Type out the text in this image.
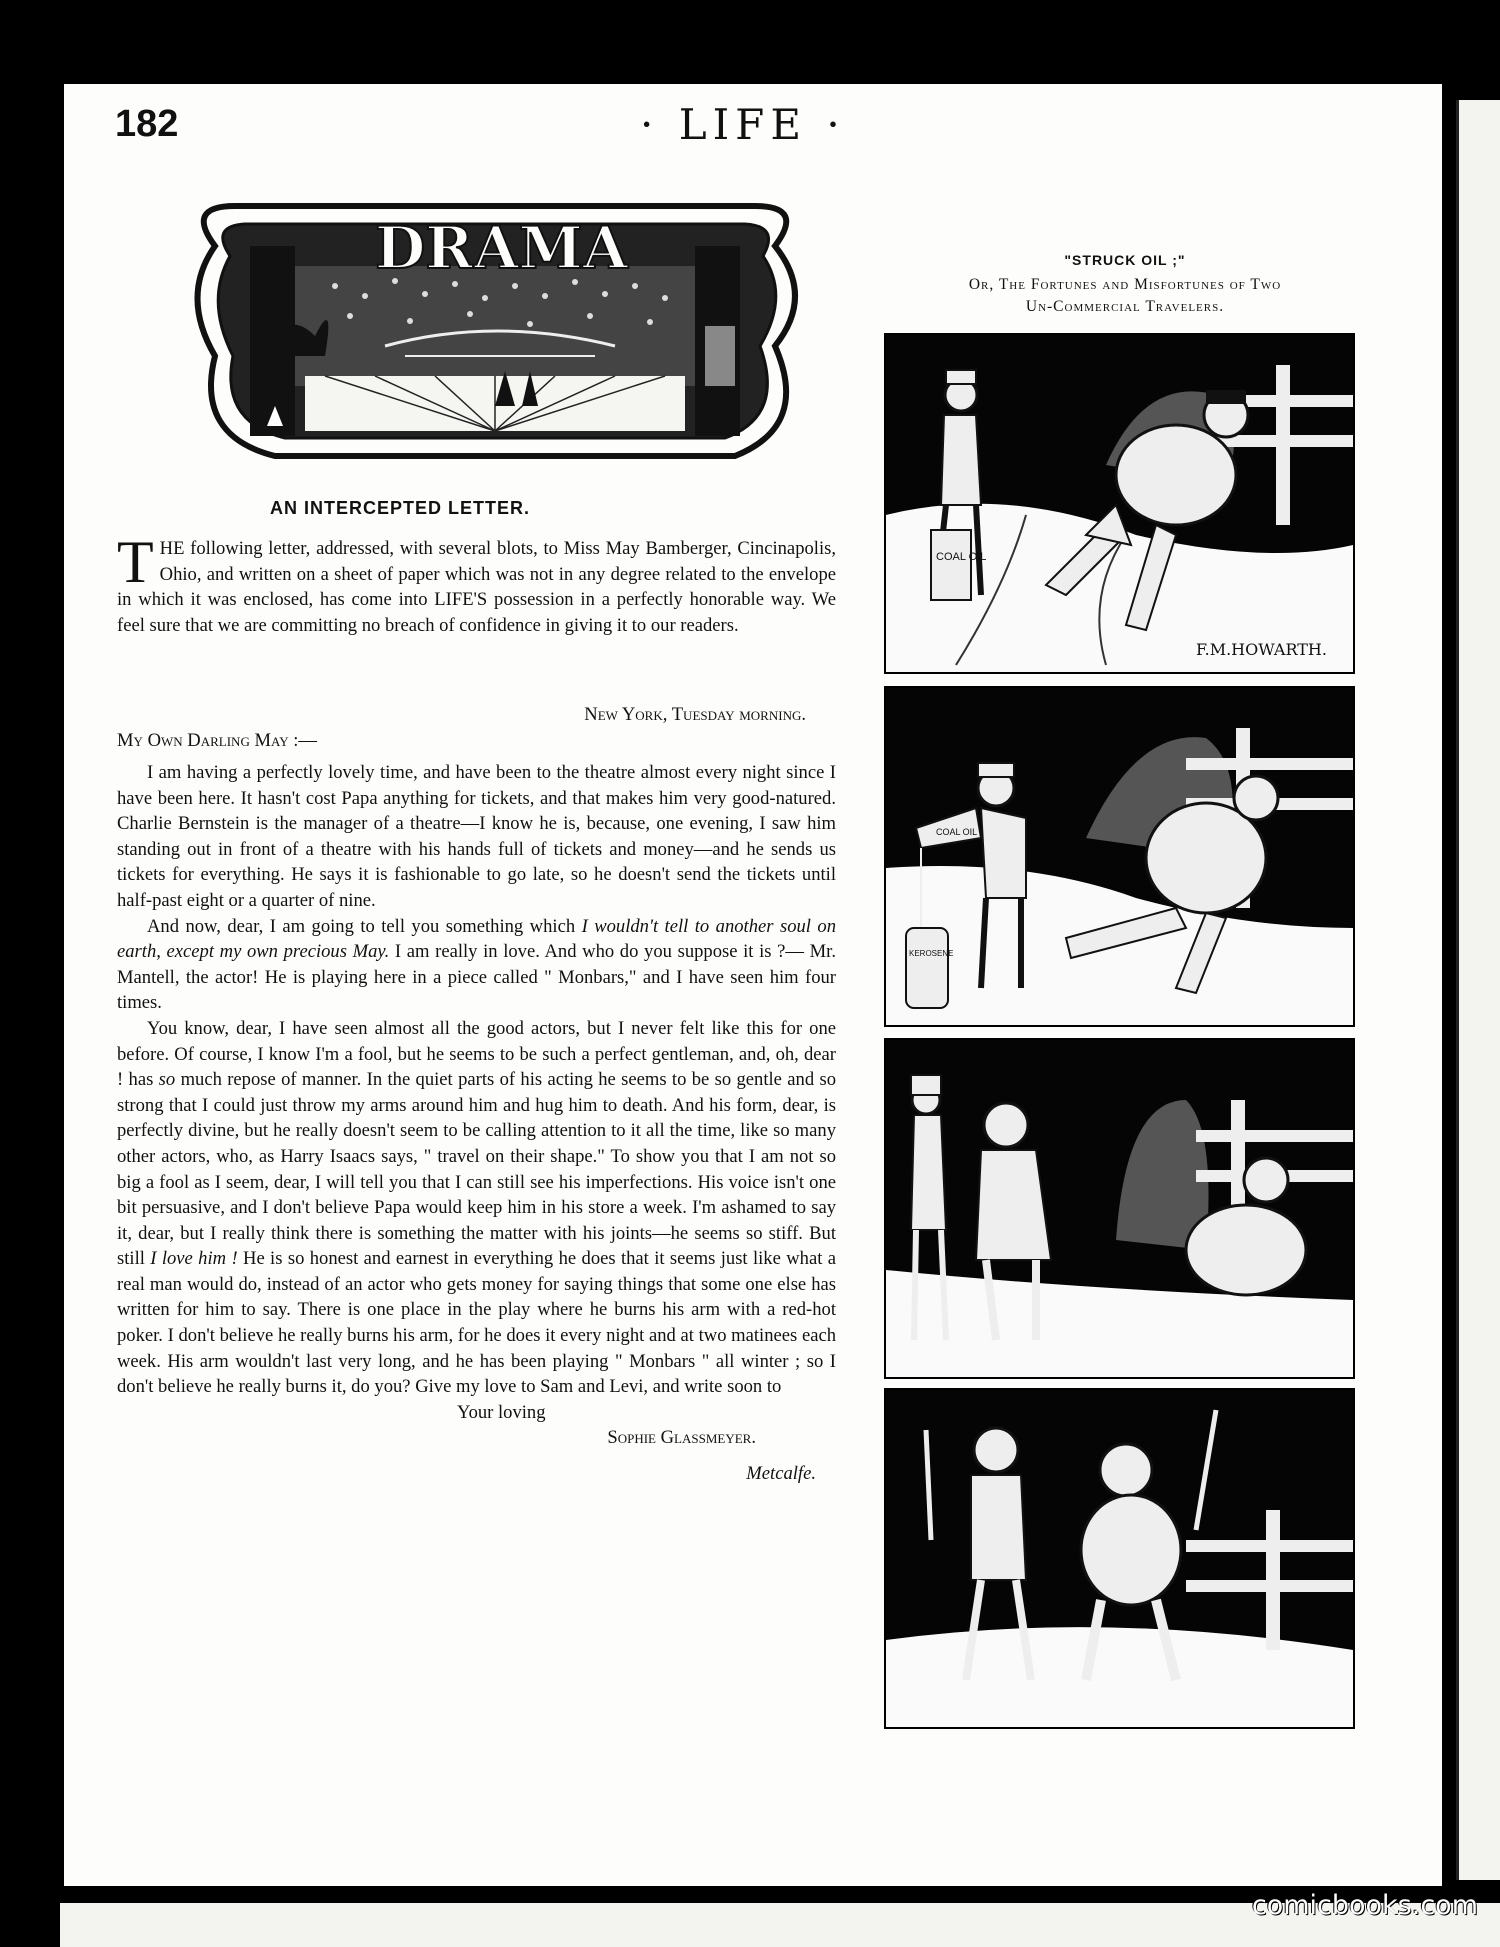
182	· LIFE ·
DRAMA
AN INTERCEPTED LETTER.

THE following letter, addressed, with several blots, to Miss May Bamberger, Cincinapolis, Ohio, and written on a sheet of paper which was not in any degree related to the envelope in which it was enclosed, has come into LIFE'S possession in a perfectly honorable way. We feel sure that we are committing no breach of confidence in giving it to our readers.

New York, Tuesday morning.

My Own Darling May :—

I am having a perfectly lovely time, and have been to the theatre almost every night since I have been here. It hasn't cost Papa anything for tickets, and that makes him very good-natured. Charlie Bernstein is the manager of a theatre—I know he is, because, one evening, I saw him standing out in front of a theatre with his hands full of tickets and money—and he sends us tickets for everything. He says it is fashionable to go late, so he doesn't send the tickets until half-past eight or a quarter of nine.

And now, dear, I am going to tell you something which I wouldn't tell to another soul on earth, except my own precious May. I am really in love. And who do you suppose it is ?— Mr. Mantell, the actor! He is playing here in a piece called " Monbars," and I have seen him four times.

You know, dear, I have seen almost all the good actors, but I never felt like this for one before. Of course, I know I'm a fool, but he seems to be such a perfect gentleman, and, oh, dear ! has so much repose of manner. In the quiet parts of his acting he seems to be so gentle and so strong that I could just throw my arms around him and hug him to death. And his form, dear, is perfectly divine, but he really doesn't seem to be calling attention to it all the time, like so many other actors, who, as Harry Isaacs says, " travel on their shape." To show you that I am not so big a fool as I seem, dear, I will tell you that I can still see his imperfections. His voice isn't one bit persuasive, and I don't believe Papa would keep him in his store a week. I'm ashamed to say it, dear, but I really think there is something the matter with his joints—he seems so stiff. But still I love him ! He is so honest and earnest in everything he does that it seems just like what a real man would do, instead of an actor who gets money for saying things that some one else has written for him to say. There is one place in the play where he burns his arm with a red-hot poker. I don't believe he really burns his arm, for he does it every night and at two matinees each week. His arm wouldn't last very long, and he has been playing " Monbars " all winter ; so I don't believe he really burns it, do you? Give my love to Sam and Levi, and write soon to

Your loving

Sophie Glassmeyer.

Metcalfe.

"STRUCK OIL ;"
Or, The Fortunes and Misfortunes of Two
Un-Commercial Travelers.
COAL OIL
F.M.HOWARTH.
KEROSENE
COAL OIL
comicbooks.com
